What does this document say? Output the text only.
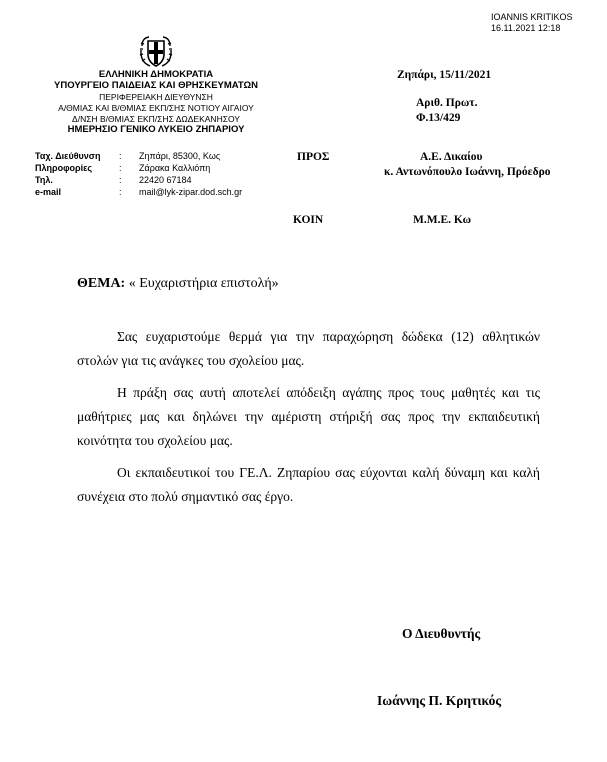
IOANNIS KRITIKOS
16.11.2021 12:18
ΕΛΛΗΝΙΚΗ ΔΗΜΟΚΡΑΤΙΑ
ΥΠΟΥΡΓΕΙΟ ΠΑΙΔΕΙΑΣ ΚΑΙ ΘΡΗΣΚΕΥΜΑΤΩΝ
ΠΕΡΙΦΕΡΕΙΑΚΗ ΔΙΕΥΘΥΝΣΗ
Α/ΘΜΙΑΣ ΚΑΙ Β/ΘΜΙΑΣ ΕΚΠ/ΣΗΣ ΝΟΤΙΟΥ ΑΙΓΑΙΟΥ
Δ/ΝΣΗ Β/ΘΜΙΑΣ ΕΚΠ/ΣΗΣ ΔΩΔΕΚΑΝΗΣΟΥ
ΗΜΕΡΗΣΙΟ ΓΕΝΙΚΟ ΛΥΚΕΙΟ ΖΗΠΑΡΙΟΥ
Ζηπάρι, 15/11/2021
Αριθ. Πρωτ.
Φ.13/429
Ταχ. Διεύθυνση : Ζηπάρι, 85300, Κως
Πληροφορίες	: Ζάρακα Καλλιόπη
Τηλ.	: 22420 67184
e-mail	: mail@lyk-zipar.dod.sch.gr
ΠΡΟΣ	Α.Ε. Δικαίου
κ. Αντωνόπουλο Ιωάννη, Πρόεδρο
ΚΟΙΝ	Μ.Μ.Ε. Κω
ΘΕΜΑ: « Ευχαριστήρια επιστολή»

Σας ευχαριστούμε θερμά για την παραχώρηση δώδεκα (12) αθλητικών στολών για τις ανάγκες του σχολείου μας.

Η πράξη σας αυτή αποτελεί απόδειξη αγάπης προς τους μαθητές και τις μαθήτριες μας και δηλώνει την αμέριστη στήριξή σας προς την εκπαιδευτική κοινότητα του σχολείου μας.

Οι εκπαιδευτικοί του ΓΕ.Λ. Ζηπαρίου σας εύχονται καλή δύναμη και καλή συνέχεια στο πολύ σημαντικό σας έργο.

Ο Διευθυντής
Ιωάννης Π. Κρητικός
